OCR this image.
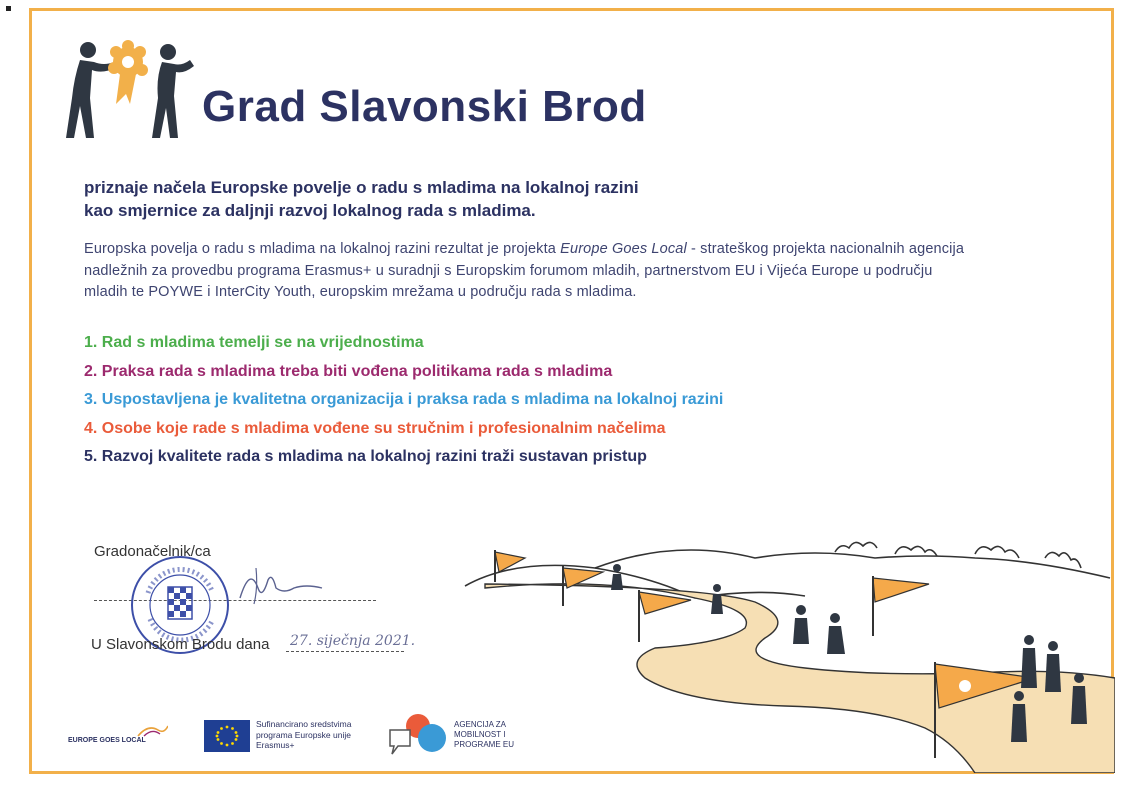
Grad Slavonski Brod
priznaje načela Europske povelje o radu s mladima na lokalnoj razini
kao smjernice za daljnji razvoj lokalnog rada s mladima.
Europska povelja o radu s mladima na lokalnoj razini rezultat je projekta Europe Goes Local - strateškog projekta nacionalnih agencija
nadležnih za provedbu programa Erasmus+ u suradnji s Europskim forumom mladih, partnerstvom EU i Vijeća Europe u području
mladih te POYWE i InterCity Youth, europskim mrežama u području rada s mladima.
1. Rad s mladima temelji se na vrijednostima
2. Praksa rada s mladima treba biti vođena politikama rada s mladima
3. Uspostavljena je kvalitetna organizacija i praksa rada s mladima na lokalnoj razini
4. Osobe koje rade s mladima vođene su stručnim i profesionalnim načelima
5. Razvoj kvalitete rada s mladima na lokalnoj razini traži sustavan pristup
Gradonačelnik/ca
U Slavonskom Brodu dana 27. siječnja 2021.
EUROPE GOES LOCAL
Sufinancirano sredstvima
programa Europske unije
Erasmus+
AGENCIJA ZA
MOBILNOST I
PROGRAME EU
